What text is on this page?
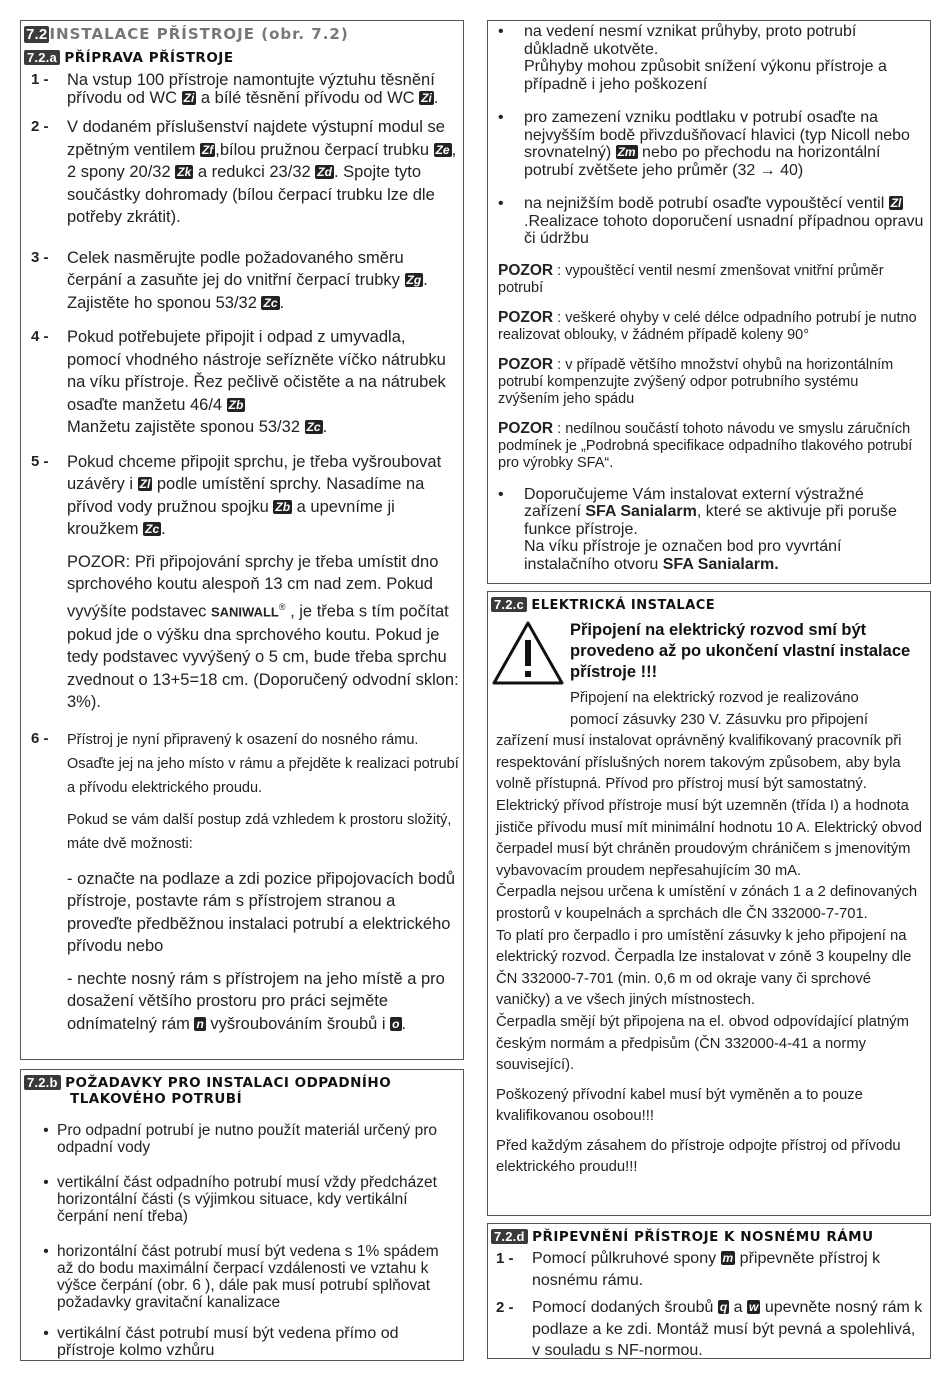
7.2 INSTALACE PŘÍSTROJE (obr. 7.2)
7.2.a PŘÍPRAVA PŘÍSTROJE
1 -	Na vstup 100 přístroje namontujte výztuhu těsnění přívodu od WC Zi a bílé těsnění přívodu od WC Zi .
2 -	V dodaném příslušenství najdete výstupní modul se zpětným ventilem Zf ,bílou pružnou čerpací trubku Ze , 2 spony 20/32 Zk a redukci 23/32 Zd . Spojte tyto součástky dohromady (bílou čerpací trubku lze dle potřeby zkrátit).
3 -	Celek nasměrujte podle požadovaného směru čerpání a zasuňte jej do vnitřní čerpací trubky Zg . Zajistěte ho sponou 53/32 Zc .
4 -	Pokud potřebujete připojit i odpad z umyvadla, pomocí vhodného nástroje seřízněte víčko nátrubku na víku přístroje. Řez pečlivě očistěte a na nátrubek osaďte manžetu 46/4 Zb
Manžetu zajistěte sponou 53/32 Zc .
5 -	Pokud chceme připojit sprchu, je třeba vyšroubovat uzávěry i Zl podle umístění sprchy. Nasadíme na přívod vody pružnou spojku Zb a upevníme ji kroužkem Zc .
POZOR: Při připojování sprchy je třeba umístit dno sprchového koutu alespoň 13 cm nad zem. Pokud vyvýšíte podstavec SANIWALL® , je třeba s tím počítat pokud jde o výšku dna sprchového koutu. Pokud je tedy podstavec vyvýšený o 5 cm, bude třeba sprchu zvednout o 13+5=18 cm. (Doporučený odvodní sklon: 3%).
6 -	Přístroj je nyní připravený k osazení do nosného rámu. Osaďte jej na jeho místo v rámu a přejděte k realizaci potrubí a přívodu elektrického proudu.
Pokud se vám další postup zdá vzhledem k prostoru složitý, máte dvě možnosti:
- označte na podlaze a zdi pozice připojovacích bodů přístroje, postavte rám s přístrojem stranou a proveďte předběžnou instalaci potrubí a elektrického přívodu nebo
- nechte nosný rám s přístrojem na jeho místě a pro dosažení většího prostoru pro práci sejměte odnímatelný rám n vyšroubováním šroubů i o .
7.2.b POŽADAVKY PRO INSTALACI ODPADNÍHO
TLAKOVÉHO POTRUBÍ
• Pro odpadní potrubí je nutno použít materiál určený pro odpadní vody
• vertikální část odpadního potrubí musí vždy předcházet horizontální části (s výjimkou situace, kdy vertikální čerpání není třeba)
• horizontální část potrubí musí být vedena s 1% spádem až do bodu maximální čerpací vzdálenosti ve vztahu k výšce čerpání (obr. 6 ), dále pak musí potrubí splňovat požadavky gravitační kanalizace
• vertikální část potrubí musí být vedena přímo od přístroje kolmo vzhůru
•	na vedení nesmí vznikat průhyby, proto potrubí důkladně ukotvěte.
Průhyby mohou způsobit snížení výkonu přístroje a případně i jeho poškození
•	pro zamezení vzniku podtlaku v potrubí osaďte na nejvyšším bodě přivzdušňovací hlavici (typ Nicoll nebo srovnatelný) Zm nebo po přechodu na horizontální potrubí zvětšete jeho průměr (32 → 40)
•	na nejnižším bodě potrubí osaďte vypouštěcí ventil Zl.Realizace tohoto doporučení usnadní případnou opravu či údržbu
POZOR : vypouštěcí ventil nesmí zmenšovat vnitřní průměr potrubí
POZOR : veškeré ohyby v celé délce odpadního potrubí je nutno realizovat oblouky, v žádném případě koleny 90°
POZOR : v případě většího množství ohybů na horizontálním potrubí kompenzujte zvýšený odpor potrubního systému zvýšením jeho spádu
POZOR : nedílnou součástí tohoto návodu ve smyslu záručních podmínek je „Podrobná specifikace odpadního tlakového potrubí pro výrobky SFA“.
•	Doporučujeme Vám instalovat externí výstražné zařízení SFA Sanialarm, které se aktivuje při poruše funkce přístroje.
Na víku přístroje je označen bod pro vyvrtání instalačního otvoru SFA Sanialarm.
7.2.c ELEKTRICKÁ INSTALACE
Připojení na elektrický rozvod smí být provedeno až po ukončení vlastní instalace přístroje !!!
Připojení na elektrický rozvod je realizováno
pomocí zásuvky 230 V. Zásuvku pro připojení
zařízení musí instalovat oprávněný kvalifikovaný pracovník při respektování příslušných norem takovým způsobem, aby byla volně přístupná. Přívod pro přístroj musí být samostatný. Elektrický přívod přístroje musí být uzemněn (třída I) a hodnota jističe přívodu musí mít minimální hodnotu 10 A. Elektrický obvod čerpadel musí být chráněn proudovým chráničem s jmenovitým vybavovacím proudem nepřesahujícím 30 mA.
Čerpadla nejsou určena k umístění v zónách 1 a 2 definovaných prostorů v koupelnách a sprchách dle ČN 332000-7-701.
To platí pro čerpadlo i pro umístění zásuvky k jeho připojení na elektrický rozvod. Čerpadla lze instalovat v zóně 3 koupelny dle ČN 332000-7-701 (min. 0,6 m od okraje vany či sprchové vaničky) a ve všech jiných místnostech.
Čerpadla smějí být připojena na el. obvod odpovídající platným českým normám a předpisům (ČN 332000-4-41 a normy související).
Poškozený přívodní kabel musí být vyměněn a to pouze kvalifikovanou osobou!!!
Před každým zásahem do přístroje odpojte přístroj od přívodu elektrického proudu!!!
7.2.d PŘIPEVNĚNÍ PŘÍSTROJE K NOSNÉMU RÁMU
1 -	Pomocí půlkruhové spony m připevněte přístroj k nosnému rámu.
2 -	Pomocí dodaných šroubů q a w upevněte nosný rám k podlaze a ke zdi. Montáž musí být pevná a spolehlivá, v souladu s NF-normou.
